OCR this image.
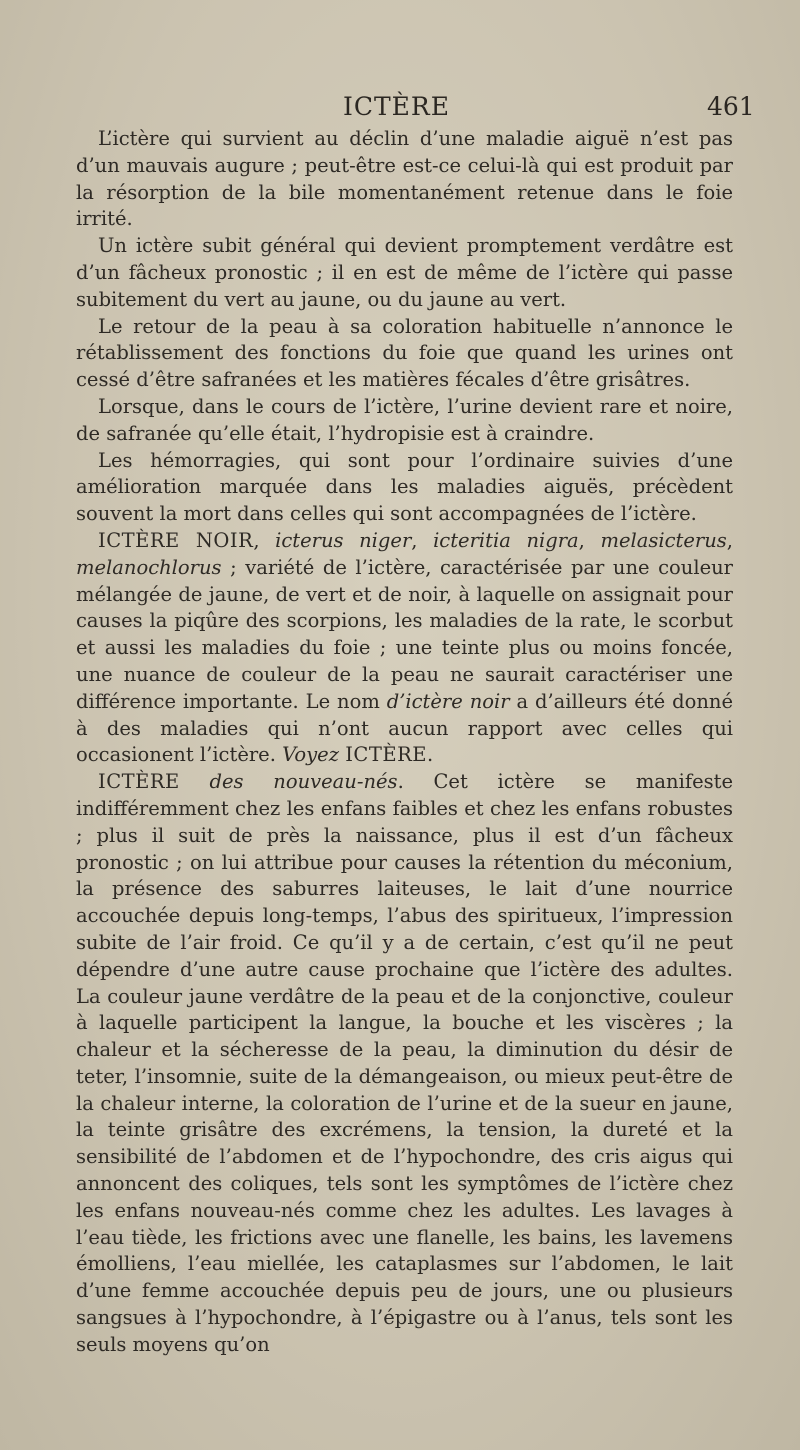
ICTÈRE	461

L’ictère qui survient au déclin d’une maladie aiguë n’est pas d’un mauvais augure ; peut-être est-ce celui-là qui est produit par la résorption de la bile momentanément retenue dans le foie irrité.

Un ictère subit général qui devient promptement verdâtre est d’un fâcheux pronostic ; il en est de même de l’ictère qui passe subitement du vert au jaune, ou du jaune au vert.

Le retour de la peau à sa coloration habituelle n’annonce le rétablissement des fonctions du foie que quand les urines ont cessé d’être safranées et les matières fécales d’être grisâtres.

Lorsque, dans le cours de l’ictère, l’urine devient rare et noire, de safranée qu’elle était, l’hydropisie est à craindre.

Les hémorragies, qui sont pour l’ordinaire suivies d’une amélioration marquée dans les maladies aiguës, précèdent souvent la mort dans celles qui sont accompagnées de l’ictère.

ICTÈRE NOIR, icterus niger, icteritia nigra, melasicterus, melanochlorus ; variété de l’ictère, caractérisée par une couleur mélangée de jaune, de vert et de noir, à laquelle on assignait pour causes la piqûre des scorpions, les maladies de la rate, le scorbut et aussi les maladies du foie ; une teinte plus ou moins foncée, une nuance de couleur de la peau ne saurait caractériser une différence importante. Le nom d’ictère noir a d’ailleurs été donné à des maladies qui n’ont aucun rapport avec celles qui occasionent l’ictère. Voyez ICTÈRE.

ICTÈRE des nouveau-nés. Cet ictère se manifeste indifféremment chez les enfans faibles et chez les enfans robustes ; plus il suit de près la naissance, plus il est d’un fâcheux pronostic ; on lui attribue pour causes la rétention du méconium, la présence des saburres laiteuses, le lait d’une nourrice accouchée depuis long-temps, l’abus des spiritueux, l’impression subite de l’air froid. Ce qu’il y a de certain, c’est qu’il ne peut dépendre d’une autre cause prochaine que l’ictère des adultes. La couleur jaune verdâtre de la peau et de la conjonctive, couleur à laquelle participent la langue, la bouche et les viscères ; la chaleur et la sécheresse de la peau, la diminution du désir de teter, l’insomnie, suite de la démangeaison, ou mieux peut-être de la chaleur interne, la coloration de l’urine et de la sueur en jaune, la teinte grisâtre des excrémens, la tension, la dureté et la sensibilité de l’abdomen et de l’hypochondre, des cris aigus qui annoncent des coliques, tels sont les symptômes de l’ictère chez les enfans nouveau-nés comme chez les adultes. Les lavages à l’eau tiède, les frictions avec une flanelle, les bains, les lavemens émolliens, l’eau miellée, les cataplasmes sur l’abdomen, le lait d’une femme accouchée depuis peu de jours, une ou plusieurs sangsues à l’hypochondre, à l’épigastre ou à l’anus, tels sont les seuls moyens qu’on
